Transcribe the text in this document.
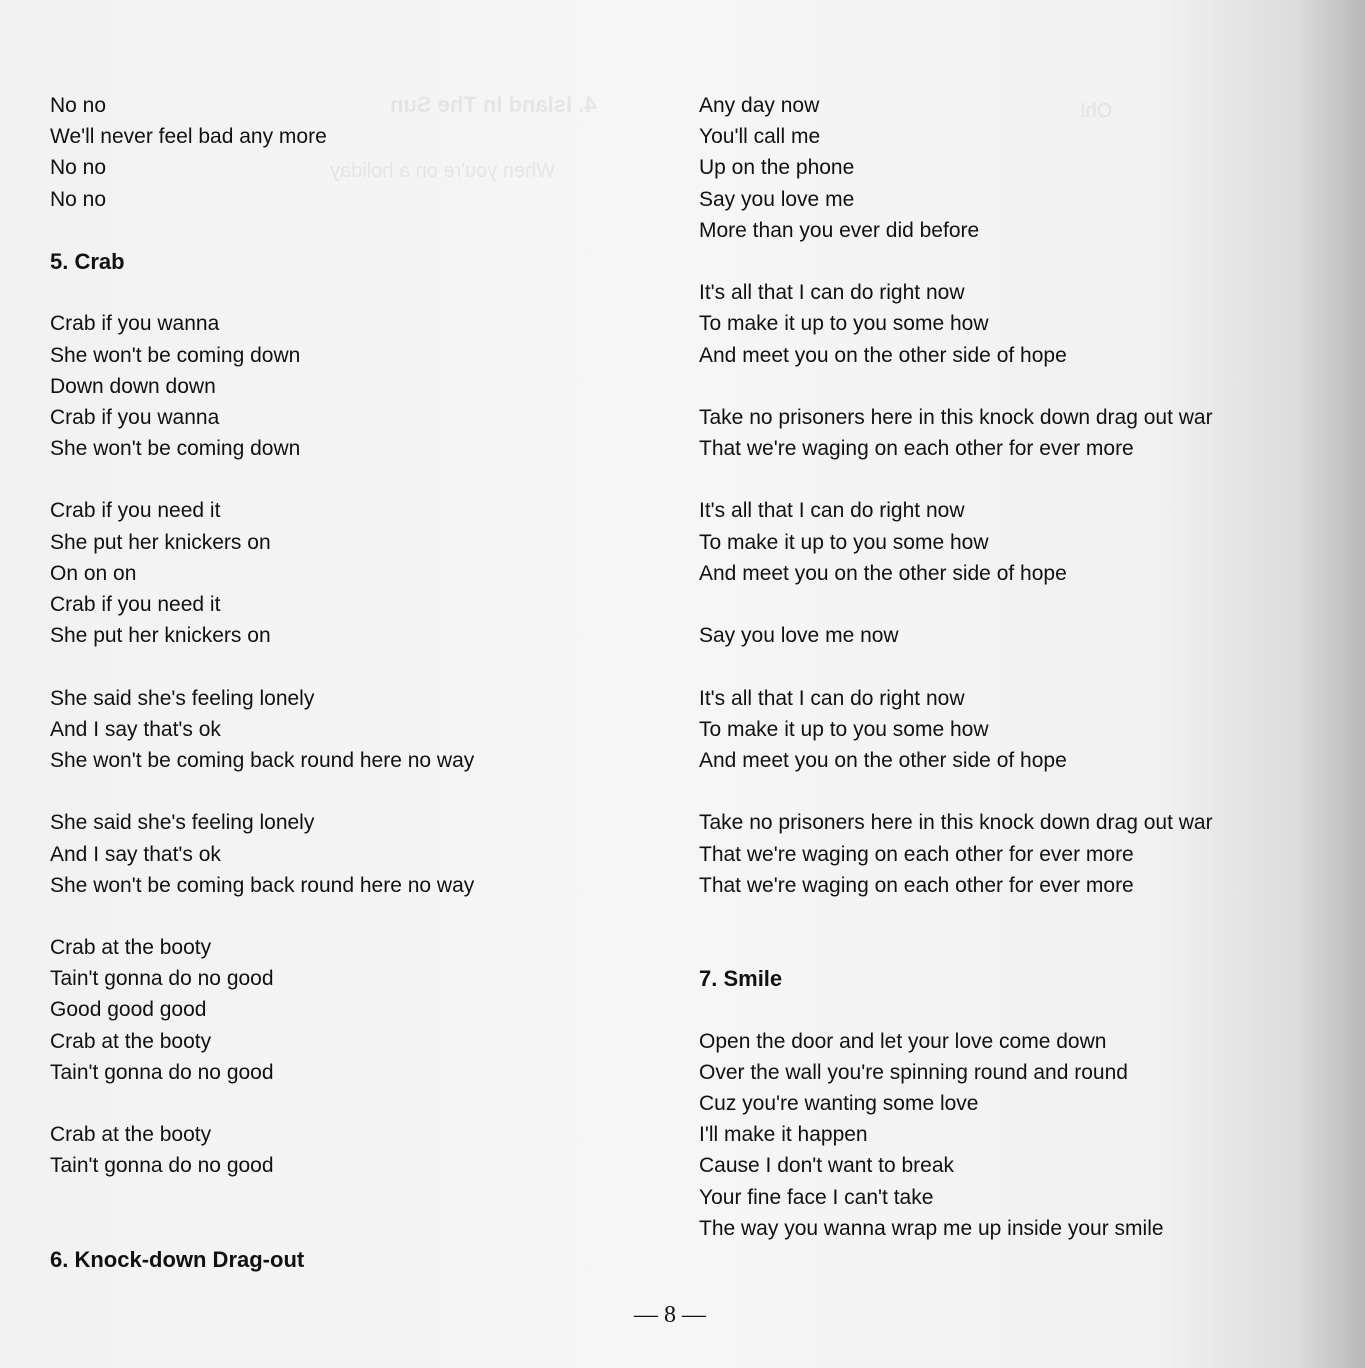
4. Island In The Sun
When you're on a holiday
Oh!
No no
We'll never feel bad any more
No no
No no
5. Crab
Crab if you wanna
She won't be coming down
Down down down
Crab if you wanna
She won't be coming down
Crab if you need it
She put her knickers on
On on on
Crab if you need it
She put her knickers on
She said she's feeling lonely
And I say that's ok
She won't be coming back round here no way
She said she's feeling lonely
And I say that's ok
She won't be coming back round here no way
Crab at the booty
Tain't gonna do no good
Good good good
Crab at the booty
Tain't gonna do no good
Crab at the booty
Tain't gonna do no good
6. Knock-down Drag-out
Any day now
You'll call me
Up on the phone
Say you love me
More than you ever did before
It's all that I can do right now
To make it up to you some how
And meet you on the other side of hope
Take no prisoners here in this knock down drag out war
That we're waging on each other for ever more
It's all that I can do right now
To make it up to you some how
And meet you on the other side of hope
Say you love me now
It's all that I can do right now
To make it up to you some how
And meet you on the other side of hope
Take no prisoners here in this knock down drag out war
That we're waging on each other for ever more
That we're waging on each other for ever more
7. Smile
Open the door and let your love come down
Over the wall you're spinning round and round
Cuz you're wanting some love
I'll make it happen
Cause I don't want to break
Your fine face I can't take
The way you wanna wrap me up inside your smile
— 8 —
